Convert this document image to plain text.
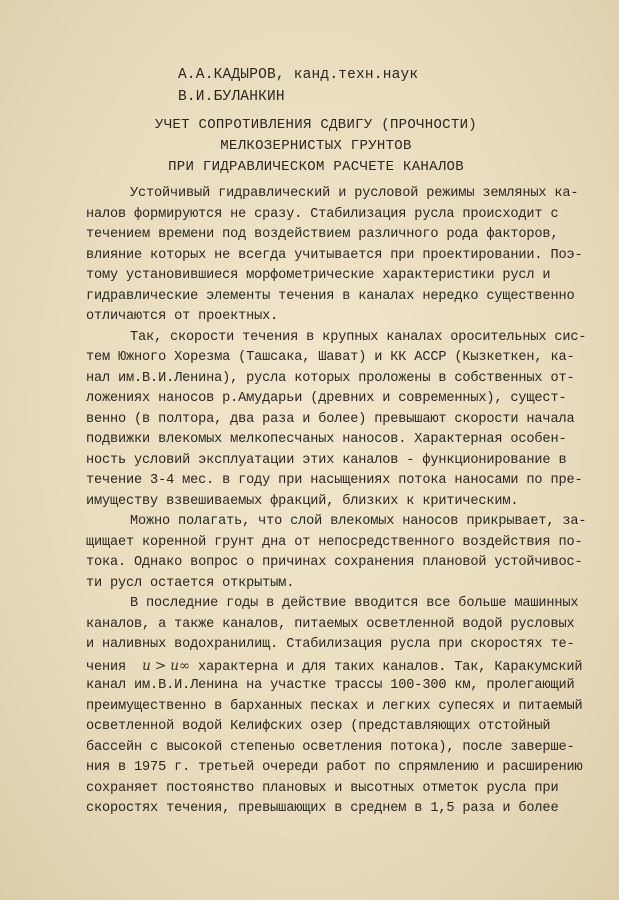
А.А.КАДЫРОВ, канд.техн.наук
В.И.БУЛАНКИН
УЧЕТ СОПРОТИВЛЕНИЯ СДВИГУ (ПРОЧНОСТИ)
МЕЛКОЗЕРНИСТЫХ ГРУНТОВ
ПРИ ГИДРАВЛИЧЕСКОМ РАСЧЕТЕ КАНАЛОВ
Устойчивый гидравлический и русловой режимы земляных ка-
налов формируются не сразу. Стабилизация русла происходит с
течением времени под воздействием различного рода факторов,
влияние которых не всегда учитывается при проектировании. Поэ-
тому установившиеся морфометрические характеристики русл и
гидравлические элементы течения в каналах нередко существенно
отличаются от проектных.
Так, скорости течения в крупных каналах оросительных сис-
тем Южного Хорезма (Ташсака, Шават) и КК АССР (Кызкеткен, ка-
нал им.В.И.Ленина), русла которых проложены в собственных от-
ложениях наносов р.Амударьи (древних и современных), сущест-
венно (в полтора, два раза и более) превышают скорости начала
подвижки влекомых мелкопесчаных наносов. Характерная особен-
ность условий эксплуатации этих каналов - функционирование в
течение 3-4 мес. в году при насыщениях потока наносами по пре-
имуществу взвешиваемых фракций, близких к критическим.
Можно полагать, что слой влекомых наносов прикрывает, за-
щищает коренной грунт дна от непосредственного воздействия по-
тока. Однако вопрос о причинах сохранения плановой устойчивос-
ти русл остается открытым.
В последние годы в действие вводится все больше машинных
каналов, а также каналов, питаемых осветленной водой русловых
и наливных водохранилищ. Стабилизация русла при скоростях те-
чения u > u∞ характерна и для таких каналов. Так, Каракумский
канал им.В.И.Ленина на участке трассы 100-300 км, пролегающий
преимущественно в барханных песках и легких супесях и питаемый
осветленной водой Келифских озер (представляющих отстойный
бассейн с высокой степенью осветления потока), после заверше-
ния в 1975 г. третьей очереди работ по спрямлению и расширению
сохраняет постоянство плановых и высотных отметок русла при
скоростях течения, превышающих в среднем в 1,5 раза и более
